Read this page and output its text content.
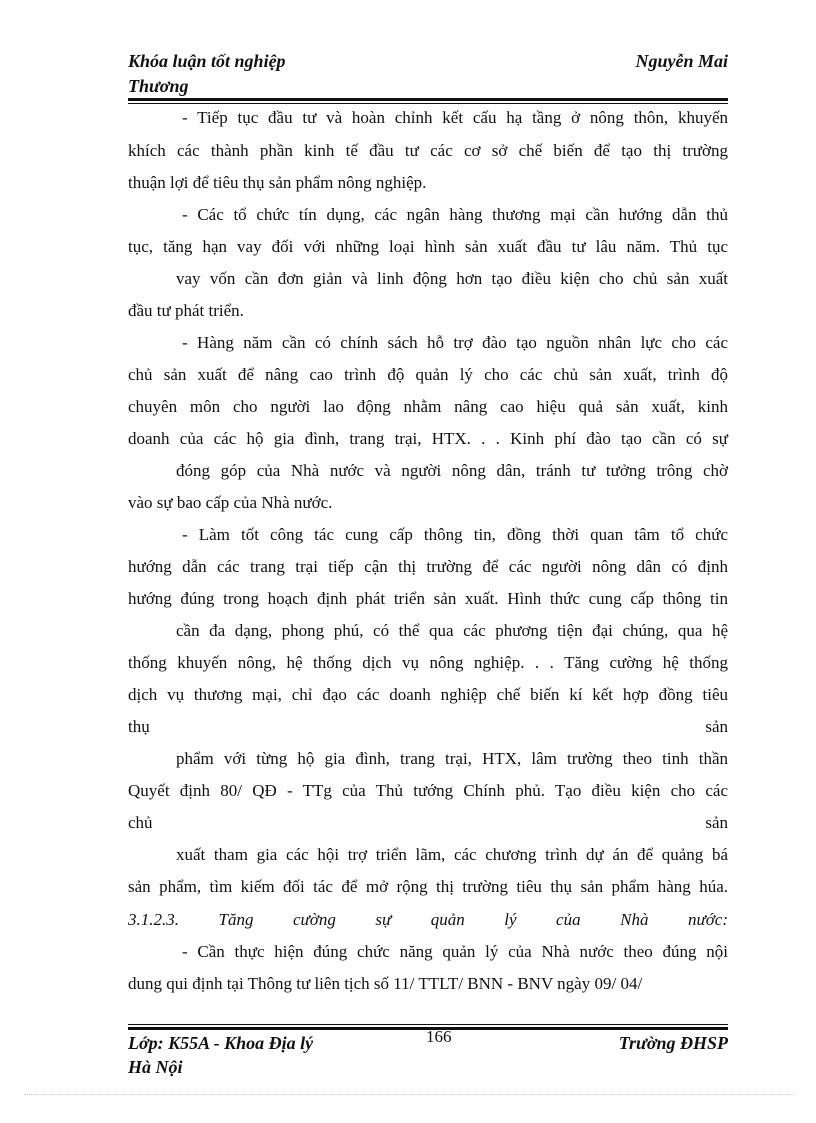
Khóa luận tốt nghiệp
Thương
Nguyễn Mai
- Tiếp tục đầu tư và hoàn chỉnh kết cấu hạ tầng ở nông thôn, khuyến
khích các thành phần kinh tế đầu tư các cơ sở chế biến để tạo thị trường
thuận lợi để tiêu thụ sản phẩm nông nghiệp.
- Các tổ chức tín dụng, các ngân hàng thương mại cần hướng dẫn thủ
tục, tăng hạn vay đối với những loại hình sản xuất đầu tư lâu năm. Thủ tục
vay vốn cần đơn giản và linh động hơn tạo điều kiện cho chủ sản xuất
đầu tư phát triển.
- Hàng năm cần có chính sách hỗ trợ đào tạo nguồn nhân lực cho các
chủ sản xuất để nâng cao trình độ quản lý cho các chủ sản xuất, trình độ
chuyên môn cho người lao động nhằm nâng cao hiệu quả sản xuất, kinh
doanh của các hộ gia đình, trang trại, HTX. . . Kinh phí đào tạo cần có sự
đóng góp của Nhà nước và người nông dân, tránh tư tưởng trông chờ
vào sự bao cấp của Nhà nước.
- Làm tốt công tác cung cấp thông tin, đồng thời quan tâm tổ chức
hướng dẫn các trang trại tiếp cận thị trường để các người nông dân có định
hướng đúng trong hoạch định phát triển sản xuất. Hình thức cung cấp thông tin
cần đa dạng, phong phú, có thể qua các phương tiện đại chúng, qua hệ
thống khuyến nông, hệ thống dịch vụ nông nghiệp. . . Tăng cường hệ thống
dịch vụ thương mại, chỉ đạo các doanh nghiệp chế biến kí kết hợp đồng tiêu
thụ sản
phẩm với từng hộ gia đình, trang trại, HTX, lâm trường theo tinh thần
Quyết định 80/ QĐ - TTg của Thủ tướng Chính phủ. Tạo điều kiện cho các
chủ sản
xuất tham gia các hội trợ triển lãm, các chương trình dự án để quảng bá
sản phẩm, tìm kiếm đối tác để mở rộng thị trường tiêu thụ sản phẩm hàng húa.
3.1.2.3. Tăng cường sự quản lý của Nhà nước:
- Cần thực hiện đúng chức năng quản lý của Nhà nước theo đúng nội
dung qui định tại Thông tư liên tịch số 11/ TTLT/ BNN - BNV ngày 09/ 04/
Lớp: K55A - Khoa Địa lý
Hà Nội
166	Trường ĐHSP
